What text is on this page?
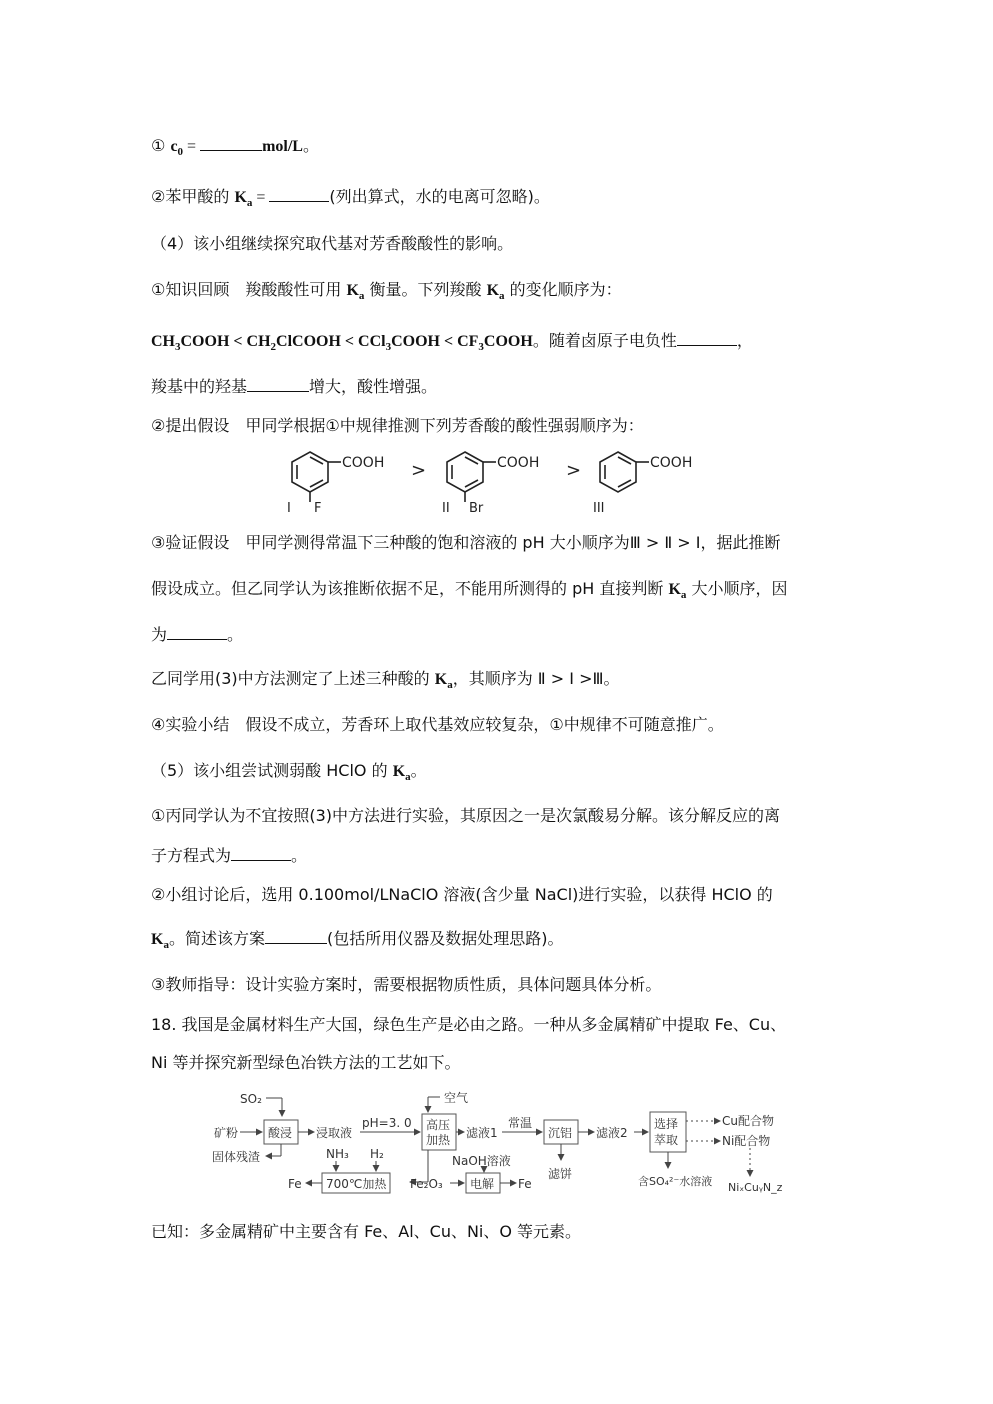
① $c_0$ =	mol/L。
②苯甲酸的 $K_a$ =	(列出算式，水的电离可忽略)。
（4）该小组继续探究取代基对芳香酸酸性的影响。
①知识回顾　羧酸酸性可用 $K_a$ 衡量。下列羧酸 $K_a$ 的变化顺序为：
$CH_3COOH$ < $CH_2ClCOOH$ < CCl$_3$COOH < $CF_3COOH$。随着卤原子电负性	，
羧基中的羟基	增大，酸性增强。
②提出假设　甲同学根据①中规律推测下列芳香酸的酸性强弱顺序为：
COOH
I F
>	COOH
II Br
>	COOH
III
③验证假设　甲同学测得常温下三种酸的饱和溶液的 pH 大小顺序为Ⅲ > Ⅱ > Ⅰ，据此推断
假设成立。但乙同学认为该推断依据不足，不能用所测得的 pH 直接判断 $K_a$ 大小顺序，因
为	。
乙同学用(3)中方法测定了上述三种酸的 $K_a$，其顺序为 Ⅱ > Ⅰ >Ⅲ。
④实验小结　假设不成立，芳香环上取代基效应较复杂，①中规律不可随意推广。
（5）该小组尝试测弱酸 HClO 的 $K_a$。
①丙同学认为不宜按照(3)中方法进行实验，其原因之一是次氯酸易分解。该分解反应的离
子方程式为	。
②小组讨论后，选用 0.100mol/LNaClO 溶液(含少量 NaCl)进行实验，以获得 HClO 的
$K_a$。简述该方案	(包括所用仪器及数据处理思路)。
③教师指导：设计实验方案时，需要根据物质性质，具体问题具体分析。
18. 我国是金属材料生产大国，绿色生产是必由之路。一种从多金属精矿中提取 Fe、Cu、
Ni 等并探究新型绿色冶铁方法的工艺如下。
SO₂
矿粉 酸浸 浸取液
pH=3. 0 高压
加热
空气
滤液1
常温
沉铝 滤液2
选择
萃取
Cu配合物
Ni配合物
NiₓCuᵧN_z
含SO₄²⁻水溶液
滤饼
固体残渣	NH₃ H₂
700℃加热
Fe	Fe₂O₃ 电解
NaOH溶液
Fe
已知：多金属精矿中主要含有 Fe、Al、Cu、Ni、O 等元素。
